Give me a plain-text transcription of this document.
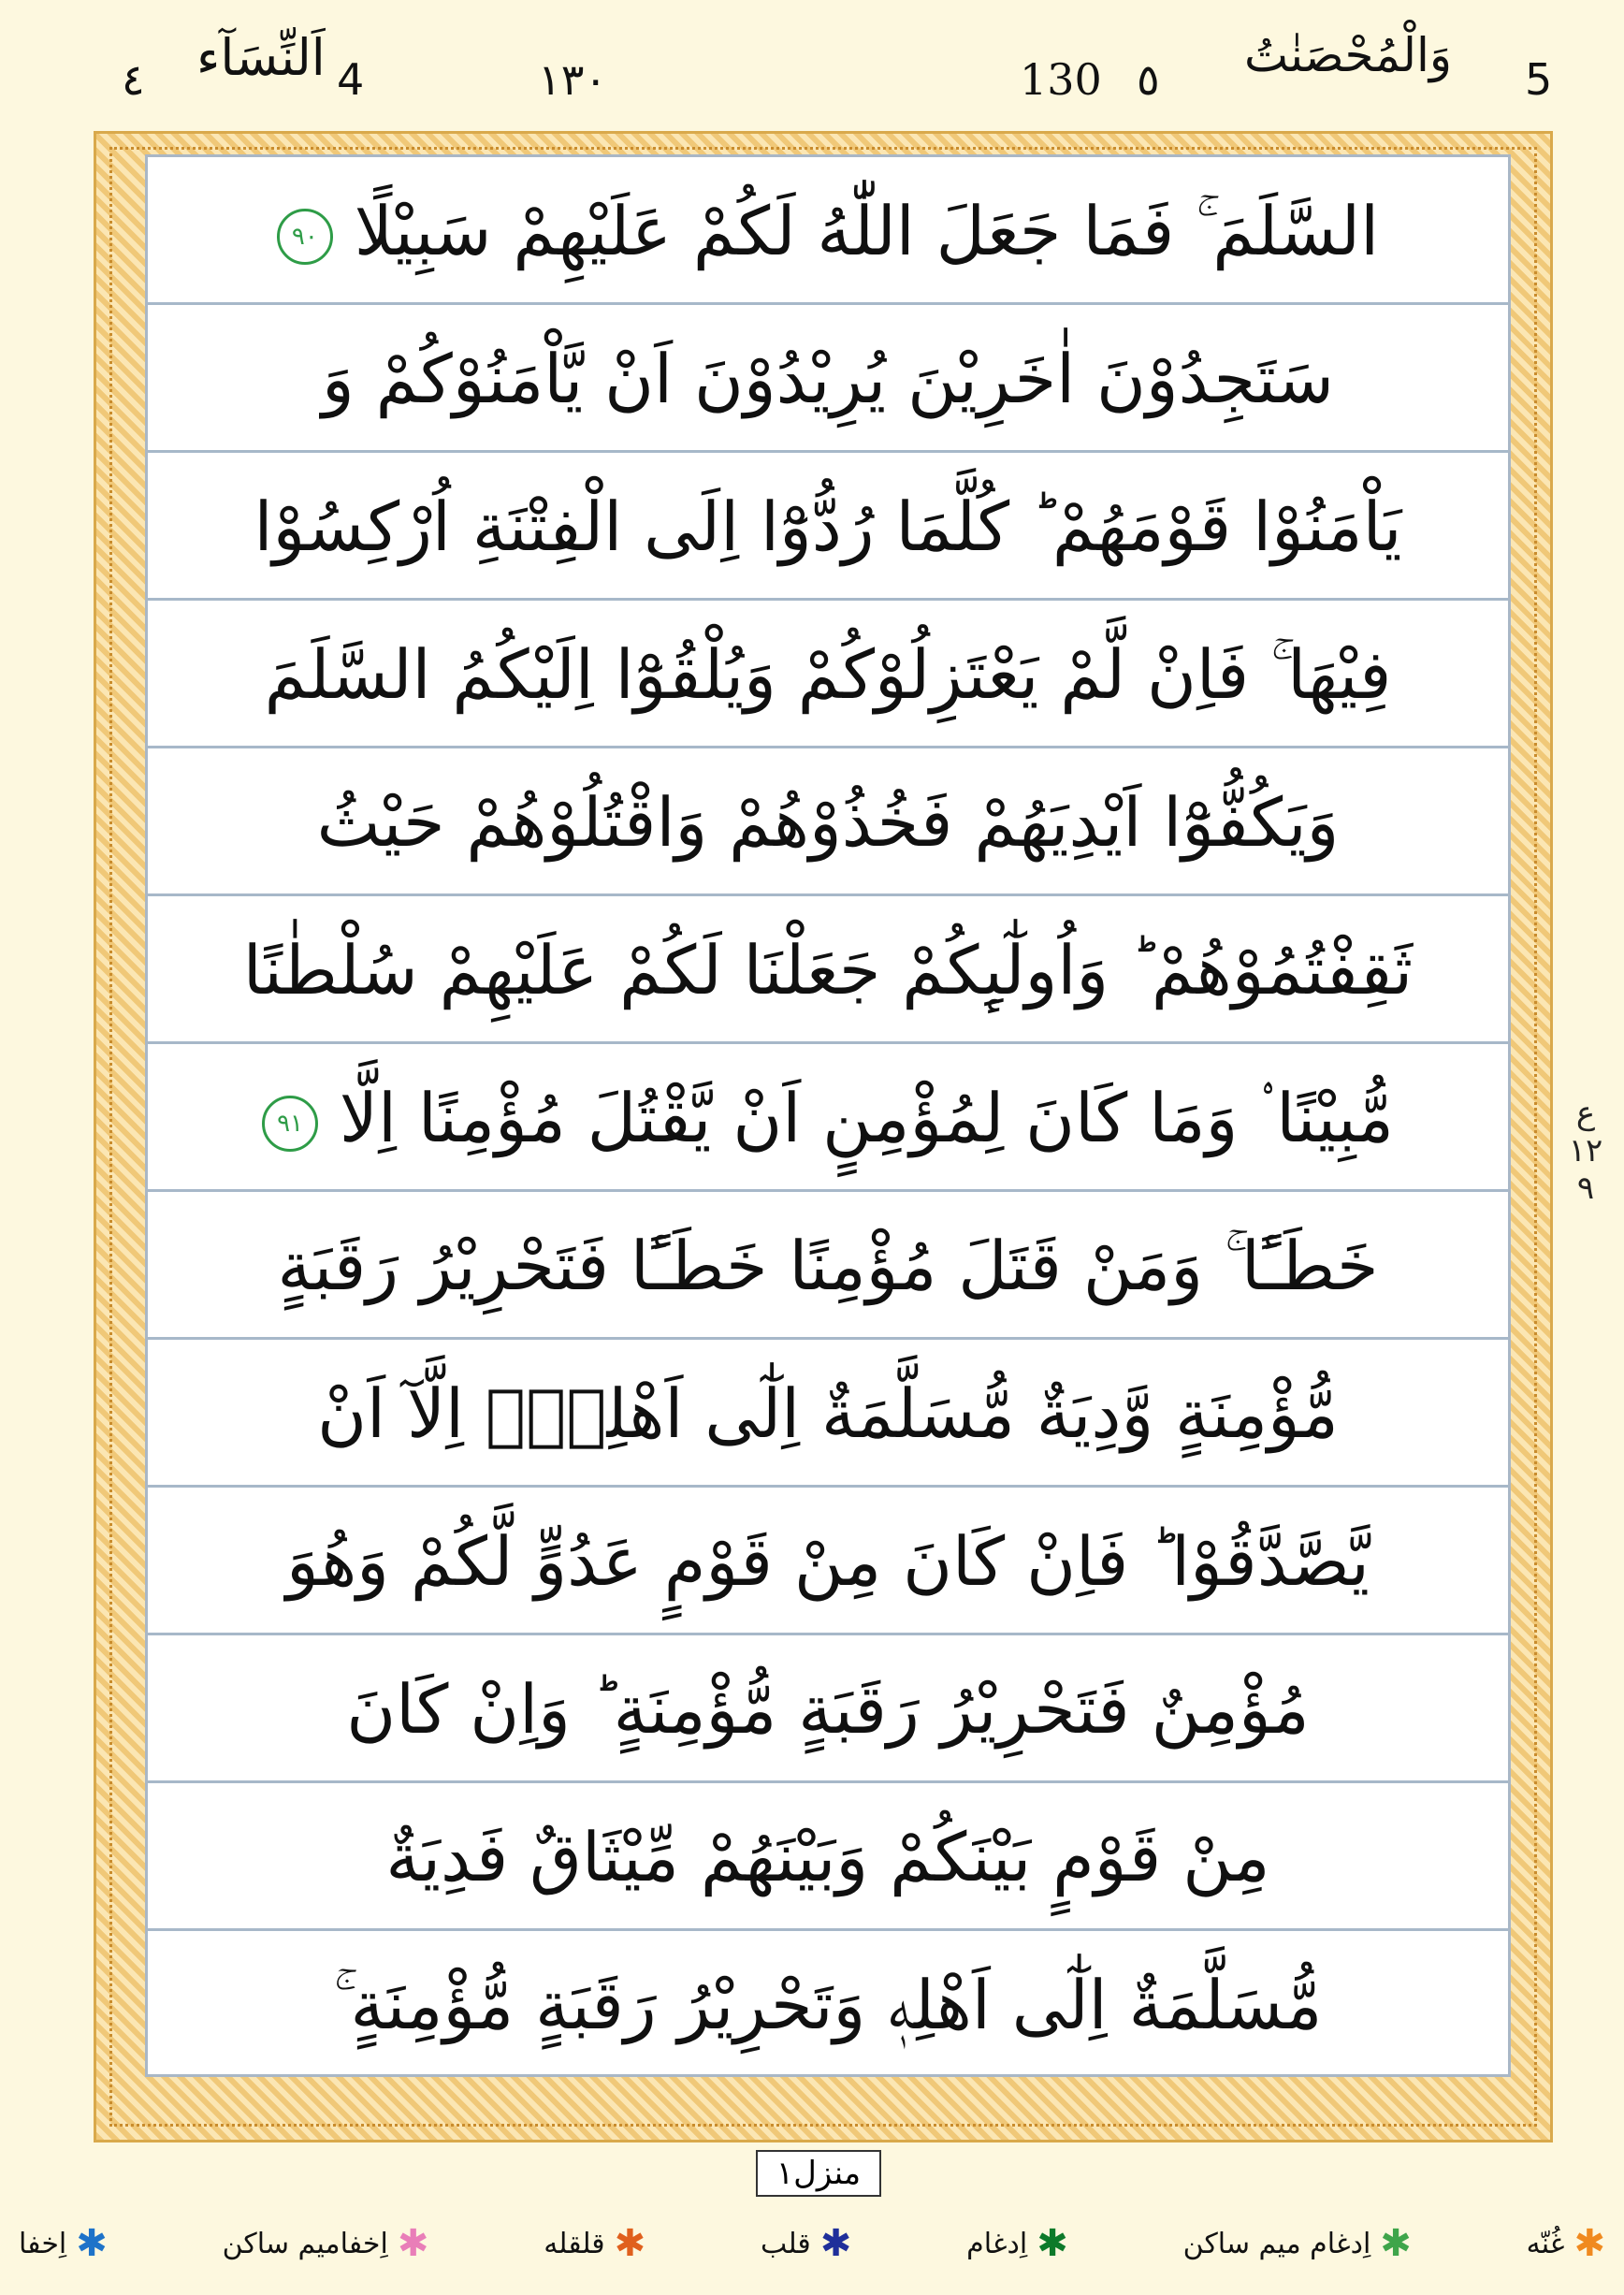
٤ اَلنِّسَآء 4	١٣٠	130 ٥ وَالْمُحْصَنٰتُ 5
السَّلَمَ ۚ فَمَا جَعَلَ اللّٰهُ لَكُمْ عَلَيْهِمْ سَبِيْلًا ٩٠
سَتَجِدُوْنَ اٰخَرِيْنَ يُرِيْدُوْنَ اَنْ يَّاْمَنُوْكُمْ وَ
يَاْمَنُوْا قَوْمَهُمْ ؕ كُلَّمَا رُدُّوْٓا اِلَى الْفِتْنَةِ اُرْكِسُوْا
فِيْهَا ۚ فَاِنْ لَّمْ يَعْتَزِلُوْكُمْ وَيُلْقُوْٓا اِلَيْكُمُ السَّلَمَ
وَيَكُفُّوْٓا اَيْدِيَهُمْ فَخُذُوْهُمْ وَاقْتُلُوْهُمْ حَيْثُ
ثَقِفْتُمُوْهُمْ ؕ وَاُولٰٓىِٕكُمْ جَعَلْنَا لَكُمْ عَلَيْهِمْ سُلْطٰنًا
مُّبِيْنًا ۟ وَمَا كَانَ لِمُؤْمِنٍ اَنْ يَّقْتُلَ مُؤْمِنًا اِلَّا ٩١
خَطَـًٔا ۚ وَمَنْ قَتَلَ مُؤْمِنًا خَطَـًٔا فَتَحْرِيْرُ رَقَبَةٍ
مُّؤْمِنَةٍ وَّدِيَةٌ مُّسَلَّمَةٌ اِلٰٓى اَهْلِهٖٓ اِلَّآ اَنْ
يَّصَّدَّقُوْا ؕ فَاِنْ كَانَ مِنْ قَوْمٍ عَدُوٍّ لَّكُمْ وَهُوَ
مُؤْمِنٌ فَتَحْرِيْرُ رَقَبَةٍ مُّؤْمِنَةٍ ؕ وَاِنْ كَانَ
مِنْ قَوْمٍ بَيْنَكُمْ وَبَيْنَهُمْ مِّيْثَاقٌ فَدِيَةٌ
مُّسَلَّمَةٌ اِلٰٓى اَهْلِهٖ وَتَحْرِيْرُ رَقَبَةٍ مُّؤْمِنَةٍ ۚ
ع
١٢ ٩
منزل۱
✱
اِخفا	✱
اِخفامیم ساکن	✱
قلقله	✱
قلب	✱
اِدغام	✱
اِدغام میم ساکن	✱
غُنّه
